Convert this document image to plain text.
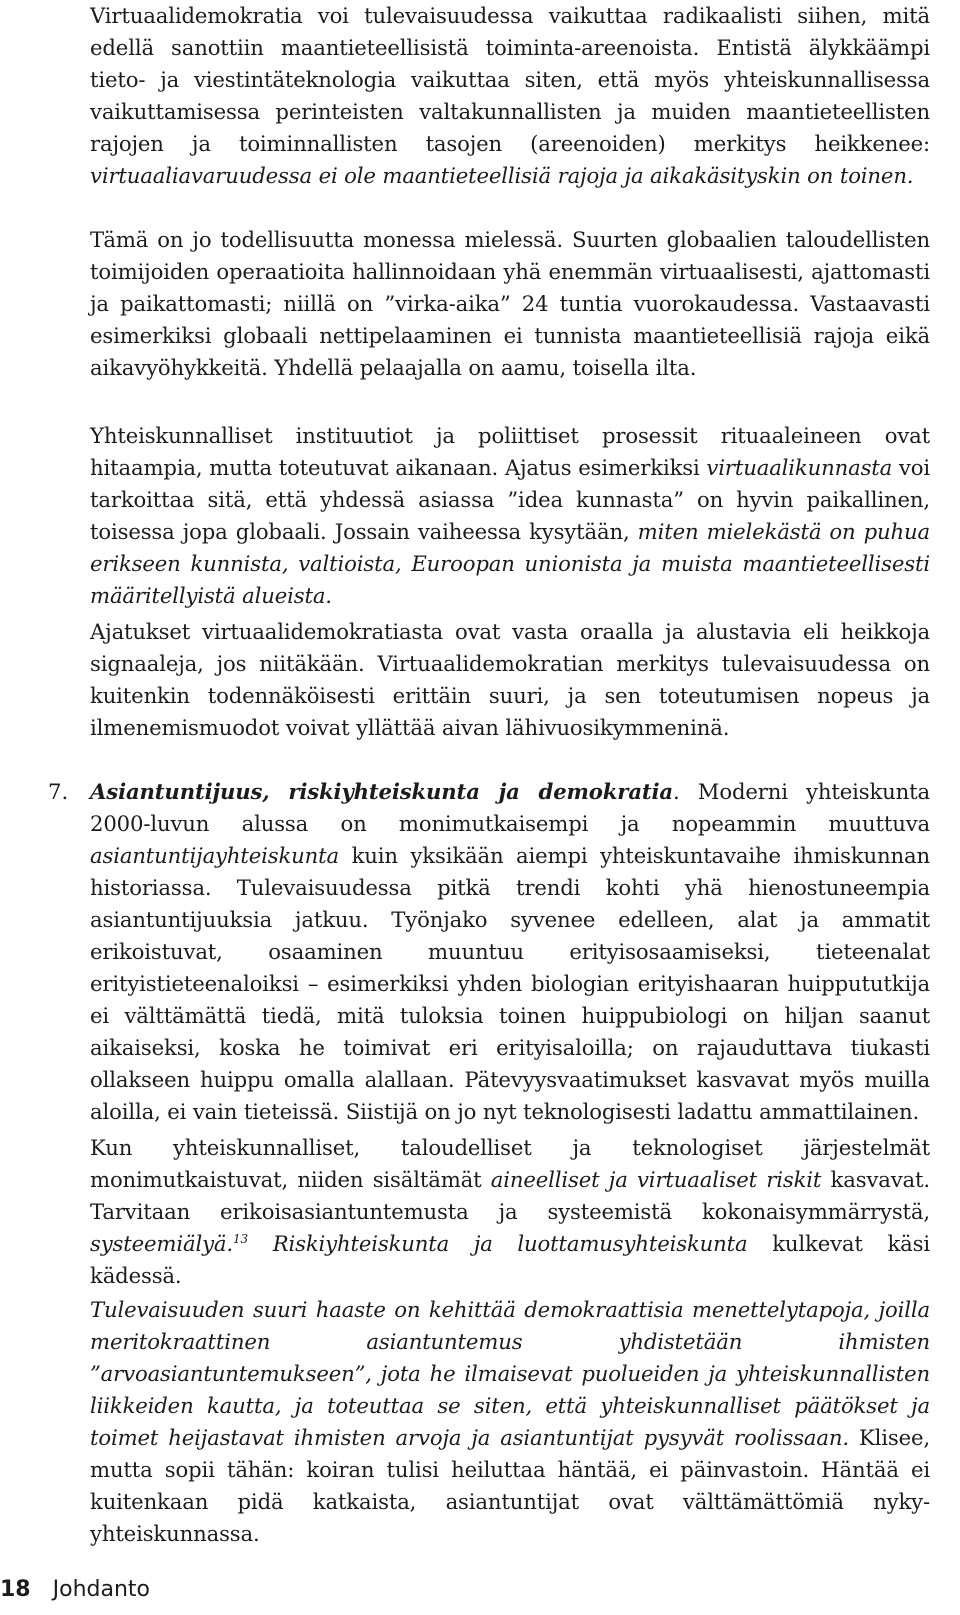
Virtuaalidemokratia voi tulevaisuudessa vaikuttaa radikaalisti siihen, mitä edellä sanottiin maantieteellisistä toiminta-areenoista. Entistä älykkäämpi tieto- ja viestintäteknologia vaikuttaa siten, että myös yhteiskunnallisessa vaikuttamisessa perinteisten valtakunnallisten ja muiden maantieteellisten rajojen ja toiminnallisten tasojen (areenoiden) merkitys heikkenee: virtuaaliavaruudessa ei ole maantieteellisiä rajoja ja aikakäsityskin on toinen.

Tämä on jo todellisuutta monessa mielessä. Suurten globaalien taloudellisten toimijoiden operaatioita hallinnoidaan yhä enemmän virtuaalisesti, ajattomasti ja paikattomasti; niillä on ”virka-aika” 24 tuntia vuorokaudessa. Vastaavasti esimerkiksi globaali nettipelaaminen ei tunnista maantieteellisiä rajoja eikä aikavyöhykkeitä. Yhdellä pelaajalla on aamu, toisella ilta.

Yhteiskunnalliset instituutiot ja poliittiset prosessit rituaaleineen ovat hitaampia, mutta toteutuvat aikanaan. Ajatus esimerkiksi virtuaalikunnasta voi tarkoittaa sitä, että yhdessä asiassa ”idea kunnasta” on hyvin paikallinen, toisessa jopa globaali. Jossain vaiheessa kysytään, miten mielekästä on puhua erikseen kunnista, valtioista, Euroopan unionista ja muista maantieteellisesti määritellyistä alueista.

Ajatukset virtuaalidemokratiasta ovat vasta oraalla ja alustavia eli heikkoja signaaleja, jos niitäkään. Virtuaalidemokratian merkitys tulevaisuudessa on kuitenkin todennäköisesti erittäin suuri, ja sen toteutumisen nopeus ja ilmenemismuodot voivat yllättää aivan lähivuosikymmeninä.

7. Asiantuntijuus, riskiyhteiskunta ja demokratia. Moderni yhteiskunta 2000-luvun alussa on monimutkaisempi ja nopeammin muuttuva asiantuntijayhteiskunta kuin yksikään aiempi yhteiskuntavaihe ihmiskunnan historiassa. Tulevaisuudessa pitkä trendi kohti yhä hienostuneempia asiantuntijuuksia jatkuu. Työnjako syvenee edelleen, alat ja ammatit erikoistuvat, osaaminen muuntuu erityisosaamiseksi, tieteenalat erityistieteenaloiksi – esimerkiksi yhden biologian erityishaaran huippututkija ei välttämättä tiedä, mitä tuloksia toinen huippubiologi on hiljan saanut aikaiseksi, koska he toimivat eri erityisaloilla; on rajauduttava tiukasti ollakseen huippu omalla alallaan. Pätevyysvaatimukset kasvavat myös muilla aloilla, ei vain tieteissä. Siistijä on jo nyt teknologisesti ladattu ammattilainen.

Kun yhteiskunnalliset, taloudelliset ja teknologiset järjestelmät monimutkaistuvat, niiden sisältämät aineelliset ja virtuaaliset riskit kasvavat. Tarvitaan erikoisasiantuntemusta ja systeemistä kokonaisymmärrystä, systeemiälyä.$^{13}$ Riskiyhteiskunta ja luottamusyhteiskunta kulkevat käsi kädessä.

Tulevaisuuden suuri haaste on kehittää demokraattisia menettelytapoja, joilla meritokraattinen asiantuntemus yhdistetään ihmisten ”arvoasiantuntemukseen”, jota he ilmaisevat puolueiden ja yhteiskunnallisten liikkeiden kautta, ja toteuttaa se siten, että yhteiskunnalliset päätökset ja toimet heijastavat ihmisten arvoja ja asiantuntijat pysyvät roolissaan. Klisee, mutta sopii tähän: koiran tulisi heiluttaa häntää, ei päinvastoin. Häntää ei kuitenkaan pidä katkaista, asiantuntijat ovat välttämättömiä nyky-yhteiskunnassa.

18 Johdanto
